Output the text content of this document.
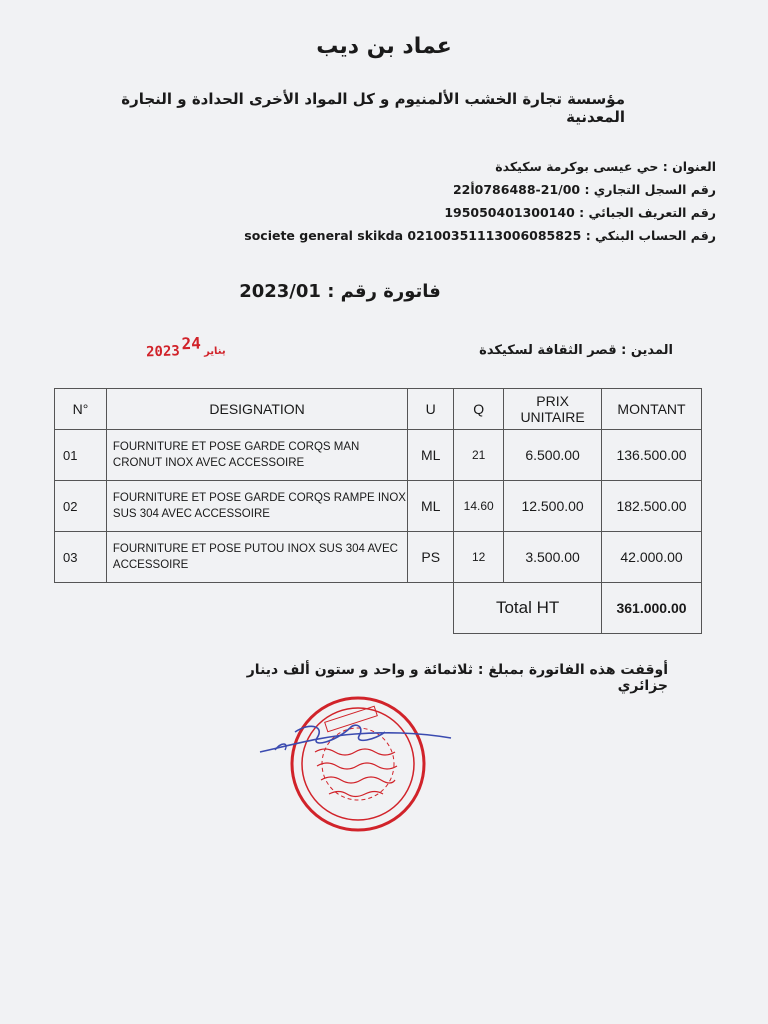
عماد بن ديب
مؤسسة تجارة الخشب الألمنيوم و كل المواد الأخرى الحدادة و النجارة المعدنية
العنوان : حي عيسى بوكرمة سكيكدة
رقم السجل التجاري : 21/00-0786488أ22
رقم التعريف الجبائي : 195050401300140
رقم الحساب البنكي : societe general skikda 02100351113006085825
فاتورة رقم : 2023/01
2023 يناير24	المدين : قصر الثقافة لسكيكدة
N°	DESIGNATION	U	Q	PRIX UNITAIRE	MONTANT
01	FOURNITURE ET POSE GARDE CORQS MAN CRONUT INOX AVEC ACCESSOIRE	ML	21	6.500.00	136.500.00
02	FOURNITURE ET POSE GARDE CORQS RAMPE INOX SUS 304 AVEC ACCESSOIRE	ML	14.60	12.500.00	182.500.00
03	FOURNITURE ET POSE PUTOU INOX SUS 304 AVEC ACCESSOIRE	PS	12	3.500.00	42.000.00
			Total HT		361.000.00
أوقفت هذه الفاتورة بمبلغ : ثلاثمائة و واحد و ستون ألف دينار جزائري
